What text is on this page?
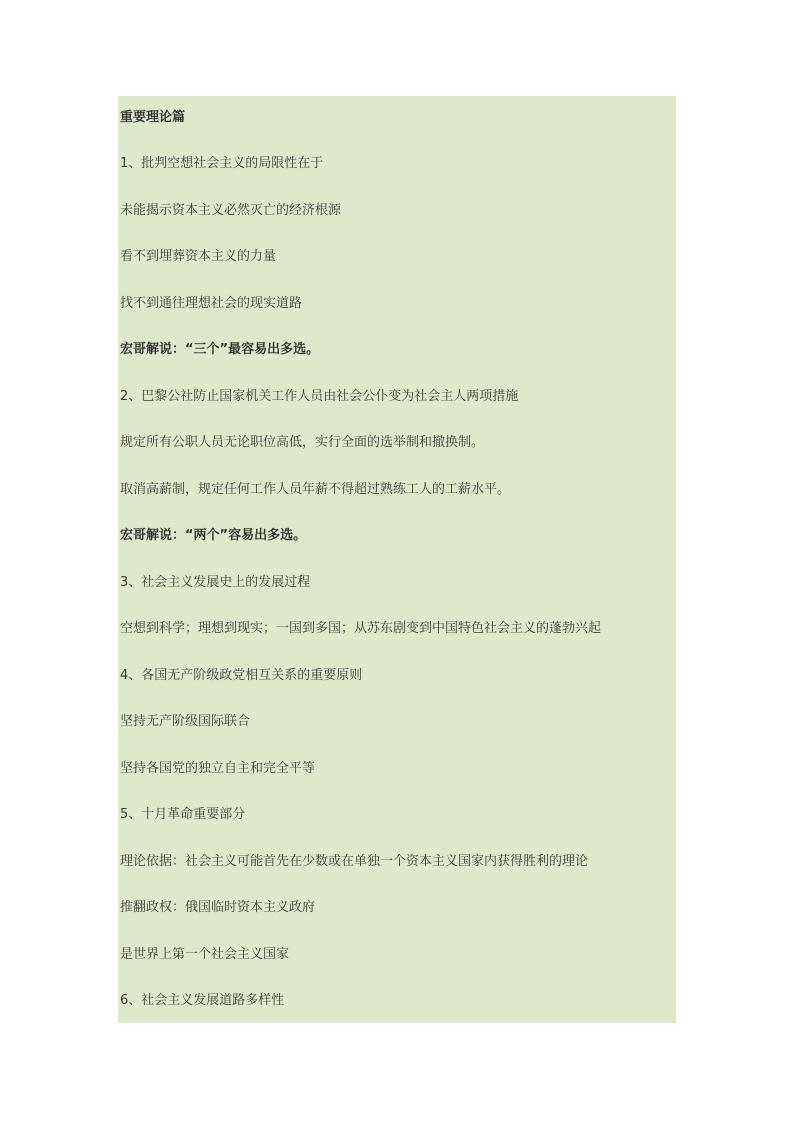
重要理论篇
1、批判空想社会主义的局限性在于
未能揭示资本主义必然灭亡的经济根源
看不到埋葬资本主义的力量
找不到通往理想社会的现实道路
宏哥解说：“三个”最容易出多选。
2、巴黎公社防止国家机关工作人员由社会公仆变为社会主人两项措施
规定所有公职人员无论职位高低，实行全面的选举制和撤换制。
取消高薪制，规定任何工作人员年薪不得超过熟练工人的工薪水平。
宏哥解说：“两个”容易出多选。
3、社会主义发展史上的发展过程
空想到科学；理想到现实；一国到多国；从苏东剧变到中国特色社会主义的蓬勃兴起
4、各国无产阶级政党相互关系的重要原则
坚持无产阶级国际联合
坚持各国党的独立自主和完全平等
5、十月革命重要部分
理论依据：社会主义可能首先在少数或在单独一个资本主义国家内获得胜利的理论
推翻政权：俄国临时资本主义政府
是世界上第一个社会主义国家
6、社会主义发展道路多样性
